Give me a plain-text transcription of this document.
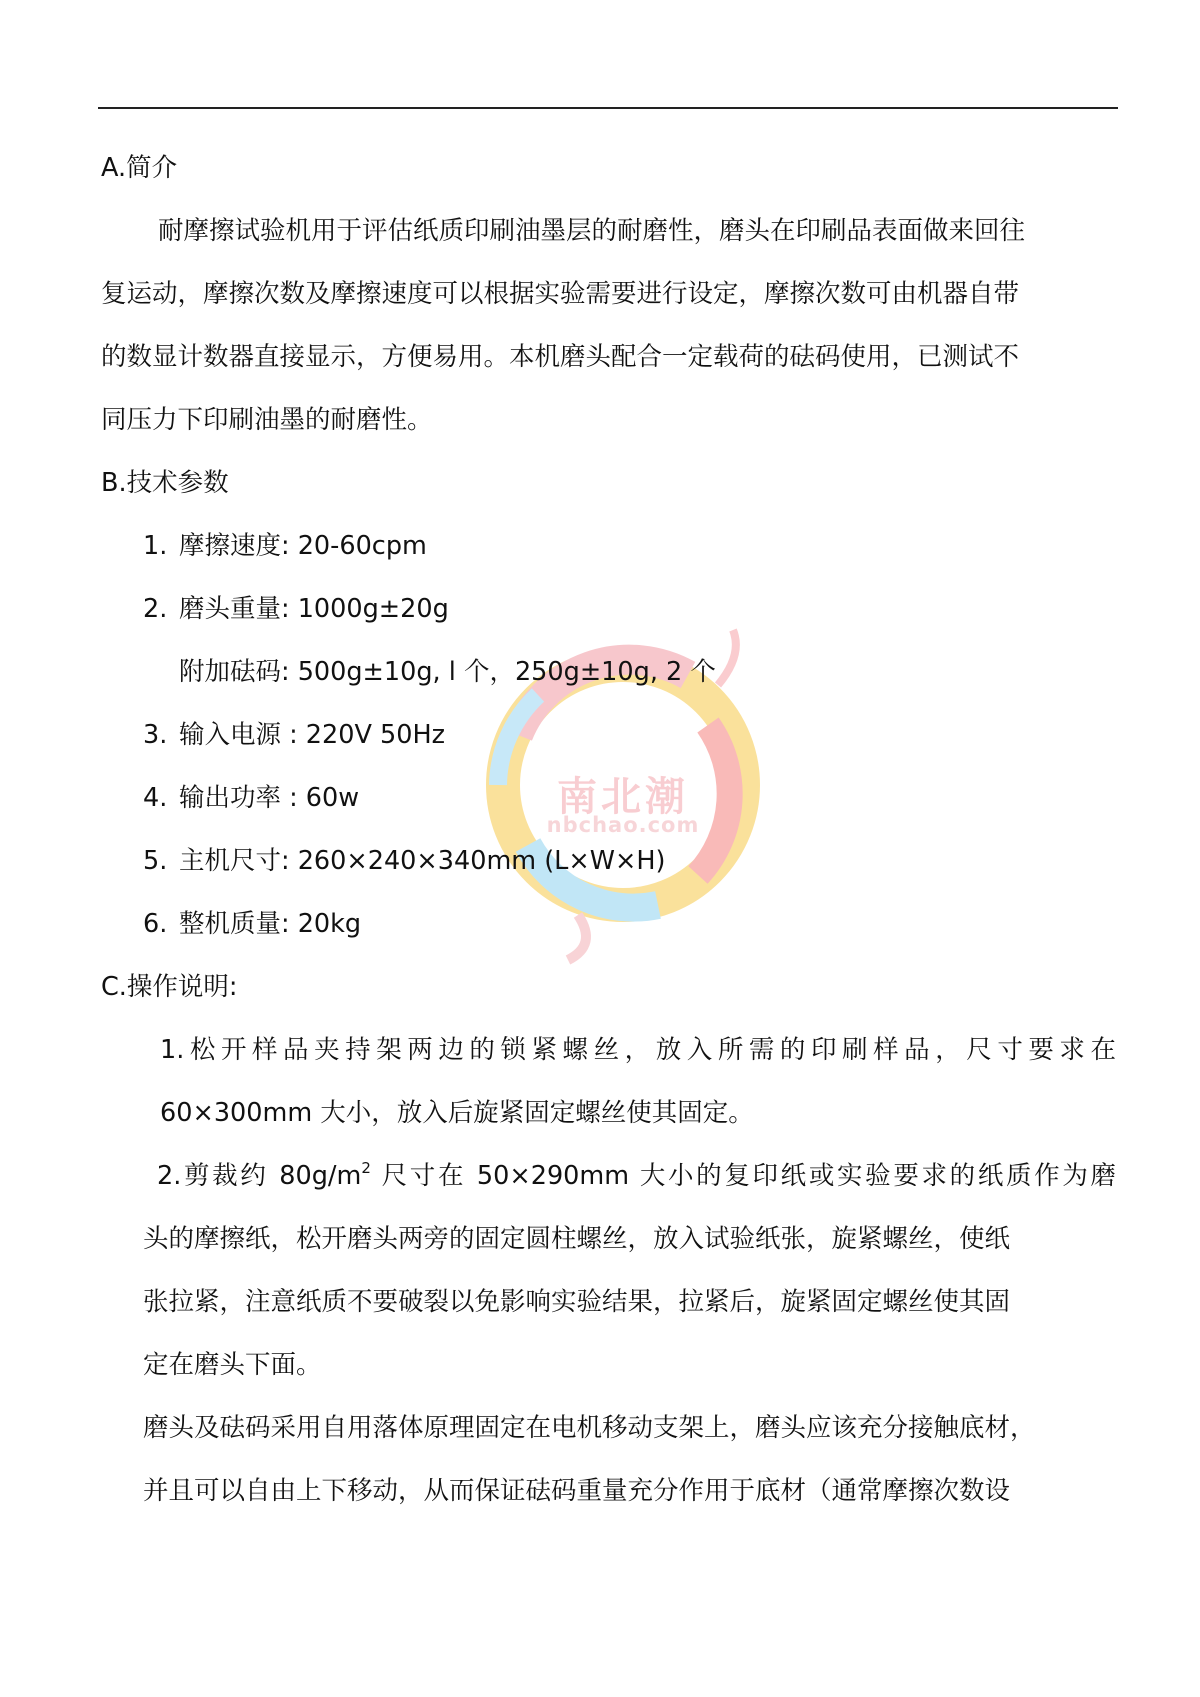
南北潮
nbchao.com
A.简介
耐摩擦试验机用于评估纸质印刷油墨层的耐磨性，磨头在印刷品表面做来回往
复运动，摩擦次数及摩擦速度可以根据实验需要进行设定，摩擦次数可由机器自带
的数显计数器直接显示，方便易用。本机磨头配合一定载荷的砝码使用，已测试不
同压力下印刷油墨的耐磨性。
B.技术参数
1. 摩擦速度: 20-60cpm
2. 磨头重量: 1000g±20g
附加砝码: 500g±10g, l 个，250g±10g, 2 个
3. 输入电源 : 220V 50Hz
4. 输出功率 : 60w
5. 主机尺寸: 260×240×340mm (L×W×H)
6. 整机质量: 20kg
C.操作说明:
1.松开样品夹持架两边的锁紧螺丝，放入所需的印刷样品，尺寸要求在
60×300mm 大小，放入后旋紧固定螺丝使其固定。
2.剪裁约 $80g/m^2$ 尺寸在 50×290mm 大小的复印纸或实验要求的纸质作为磨
头的摩擦纸，松开磨头两旁的固定圆柱螺丝，放入试验纸张，旋紧螺丝，使纸
张拉紧，注意纸质不要破裂以免影响实验结果，拉紧后，旋紧固定螺丝使其固
定在磨头下面。
磨头及砝码采用自用落体原理固定在电机移动支架上，磨头应该充分接触底材，
并且可以自由上下移动，从而保证砝码重量充分作用于底材（通常摩擦次数设
